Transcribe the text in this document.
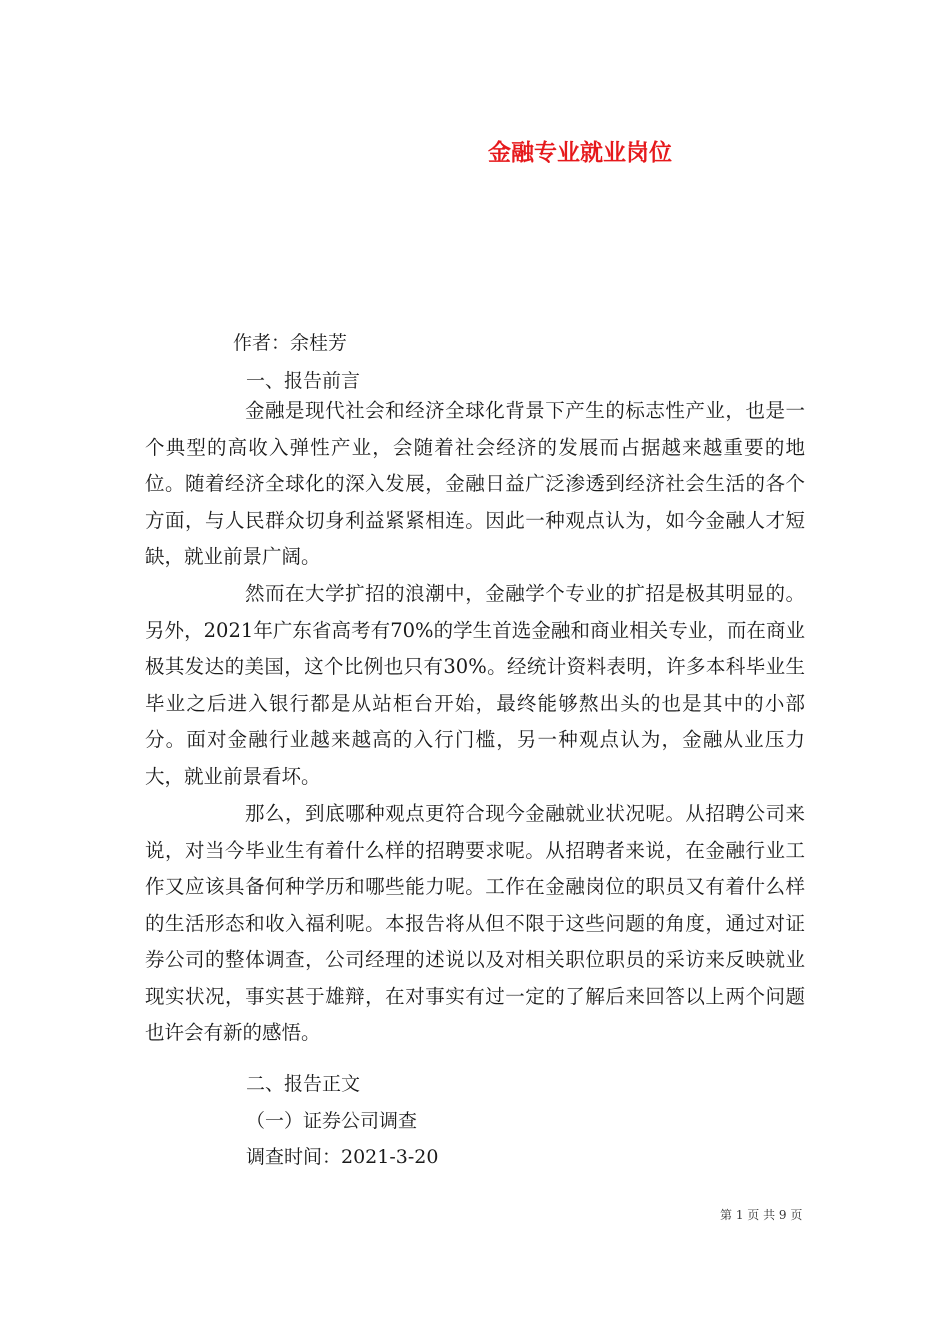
金融专业就业岗位
作者：余桂芳
一、报告前言

金融是现代社会和经济全球化背景下产生的标志性产业，也是一个典型的高收入弹性产业，会随着社会经济的发展而占据越来越重要的地位。随着经济全球化的深入发展，金融日益广泛渗透到经济社会生活的各个方面，与人民群众切身利益紧紧相连。因此一种观点认为，如今金融人才短缺，就业前景广阔。

然而在大学扩招的浪潮中，金融学个专业的扩招是极其明显的。另外，2021年广东省高考有70%的学生首选金融和商业相关专业，而在商业极其发达的美国，这个比例也只有30%。经统计资料表明，许多本科毕业生毕业之后进入银行都是从站柜台开始，最终能够熬出头的也是其中的小部分。面对金融行业越来越高的入行门槛，另一种观点认为，金融从业压力大，就业前景看坏。

那么，到底哪种观点更符合现今金融就业状况呢。从招聘公司来说，对当今毕业生有着什么样的招聘要求呢。从招聘者来说，在金融行业工作又应该具备何种学历和哪些能力呢。工作在金融岗位的职员又有着什么样的生活形态和收入福利呢。本报告将从但不限于这些问题的角度，通过对证券公司的整体调查，公司经理的述说以及对相关职位职员的采访来反映就业现实状况，事实甚于雄辩，在对事实有过一定的了解后来回答以上两个问题也许会有新的感悟。

二、报告正文
（一）证券公司调查
调查时间：2021-3-20
第 1 页 共 9 页
